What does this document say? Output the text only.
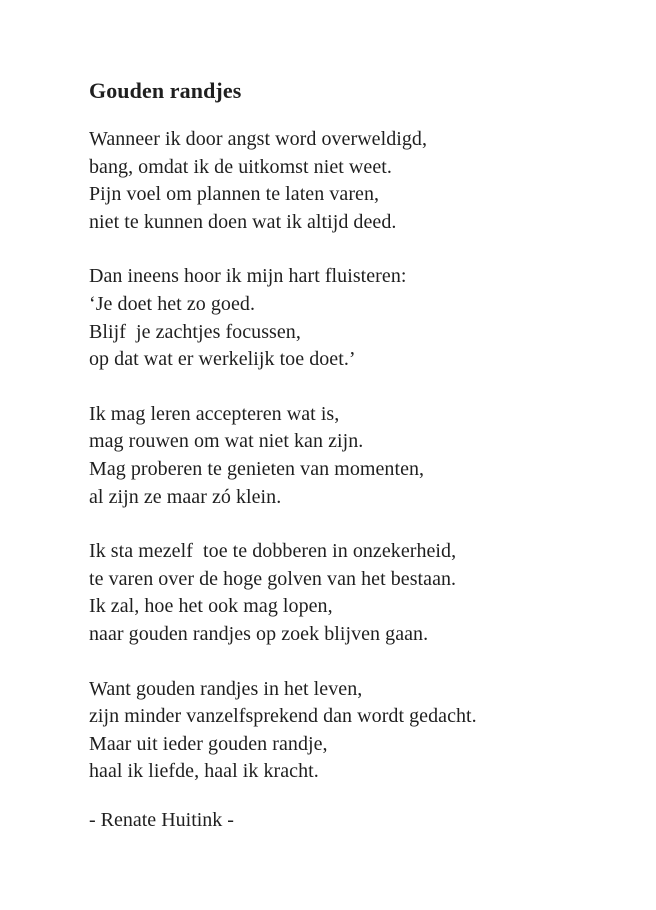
Gouden randjes
Wanneer ik door angst word overweldigd,
bang, omdat ik de uitkomst niet weet.
Pijn voel om plannen te laten varen,
niet te kunnen doen wat ik altijd deed.
Dan ineens hoor ik mijn hart fluisteren:
‘Je doet het zo goed.
Blijf  je zachtjes focussen,
op dat wat er werkelijk toe doet.’
Ik mag leren accepteren wat is,
mag rouwen om wat niet kan zijn.
Mag proberen te genieten van momenten,
al zijn ze maar zó klein.
Ik sta mezelf  toe te dobberen in onzekerheid,
te varen over de hoge golven van het bestaan.
Ik zal, hoe het ook mag lopen,
naar gouden randjes op zoek blijven gaan.
Want gouden randjes in het leven,
zijn minder vanzelfsprekend dan wordt gedacht.
Maar uit ieder gouden randje,
haal ik liefde, haal ik kracht.
- Renate Huitink -
